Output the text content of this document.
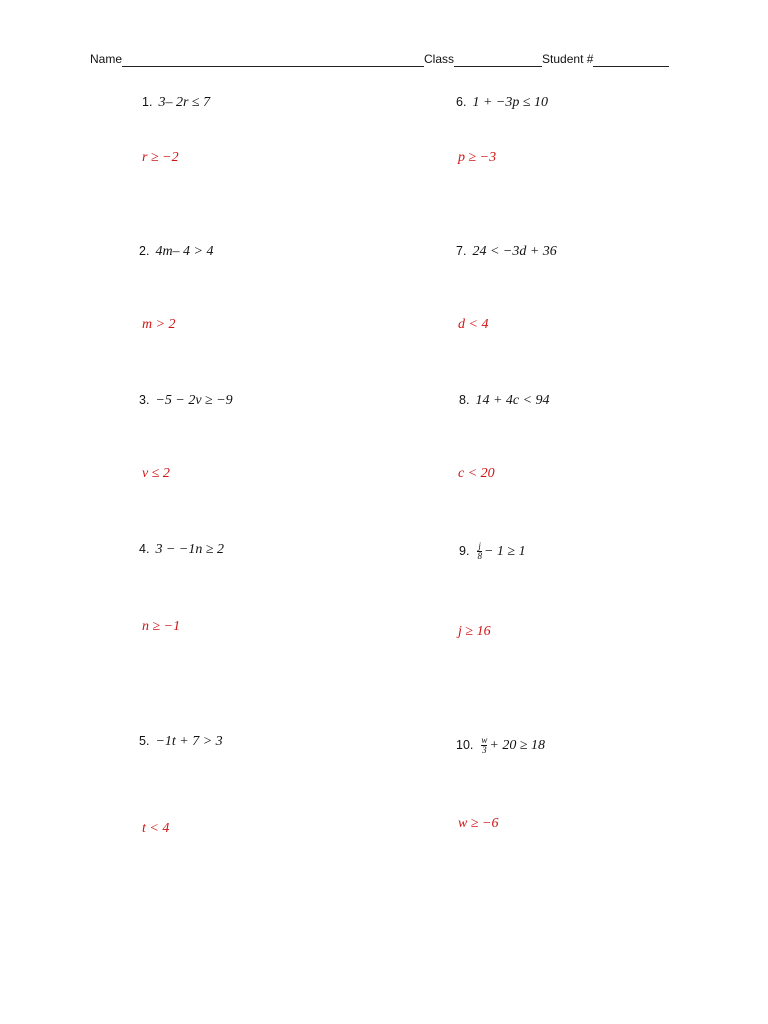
Name	Class	Student #
1. 3– 2r ≤ 7
r ≥ −2
2. 4m– 4 > 4
m > 2
3. −5 − 2v ≥ −9
v ≤ 2
4. 3 − −1n ≥ 2
n ≥ −1
5. −1t + 7 > 3
t < 4
6. 1 + −3p ≤ 10
p ≥ −3
7. 24 < −3d + 36
d < 4
8. 14 + 4c < 94
c < 20
9. $\frac{j}{8} - 1 \ge 1$
j ≥ 16
10. $\frac{w}{3} + 20 \ge 18$
w ≥ −6
